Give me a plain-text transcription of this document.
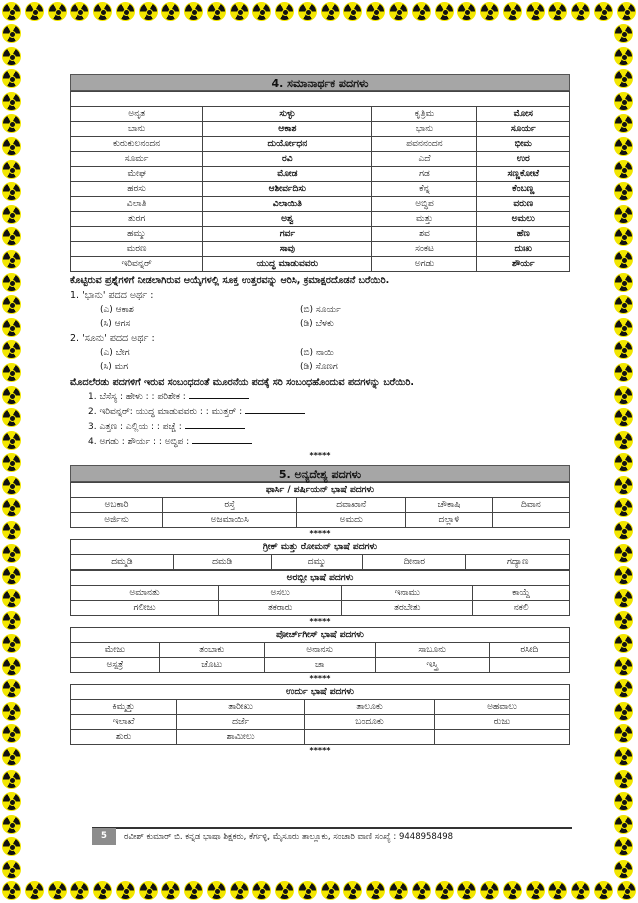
4. ಸಮಾನಾರ್ಥಕ ಪದಗಳು

ಅನೃತ	ಸುಳ್ಳು	ಕೃತ್ರಿಮ	ಮೋಸ
ಬಾನು	ಆಕಾಶ	ಭಾನು	ಸೂರ್ಯ
ಕುರುಕುಲನಂದನ	ದುರ್ಯೋಧನ	ಪವನನಂದನ	ಭೀಮ
ಸೂರ್ಮ	ರವಿ	ಎದೆ	ಉರ
ಮೇಘ	ಮೋಡ	ಗಡ	ಸಣ್ಣಕೋಟೆ
ಹರಸು	ಆಶೀರ್ವದಿಸು	ಕೆನ್ನ	ಕೆಂಬಣ್ಣ
ವಿಲಾತಿ	ವಿಲಾಯಿತಿ	ಅಬ್ಧಿಪ	ವರುಣ
ತುರಗ	ಅಶ್ವ	ಮತ್ತು	ಅಮಲು
ಹಮ್ಮು	ಗರ್ವ	ಶವ	ಹೆಣ
ಮರಣ	ಸಾವು	ಸಂಕಟ	ದುಃಖ
ಇರಿವನ್ನರ್	ಯುದ್ಧ ಮಾಡುವವರು	ಅಗಡು	ಶೌರ್ಯ
ಕೊಟ್ಟಿರುವ ಪ್ರಶ್ನೆಗಳಿಗೆ ನೀಡಲಾಗಿರುವ ಆಯ್ಕೆಗಳಲ್ಲಿ ಸೂಕ್ತ ಉತ್ತರವನ್ನು ಆರಿಸಿ, ಕ್ರಮಾಕ್ಷರದೊಡನೆ ಬರೆಯಿರಿ.
1. 'ಭಾನು' ಪದದ ಅರ್ಥ :
(ಎ) ಆಕಾಶ	(ಬಿ) ಸೂರ್ಯ
(ಸಿ) ಆಗಸ	(ಡಿ) ಬೆಳಕು
2. 'ಸೂನು' ಪದದ ಅರ್ಥ :
(ಎ) ಬೇಗ	(ಬಿ) ನಾಯಿ
(ಸಿ) ಮಗ	(ಡಿ) ಸೊಣಗ
ಮೊದಲೆರಡು ಪದಗಳಿಗೆ ಇರುವ ಸಂಬಂಧದಂತೆ ಮೂರನೆಯ ಪದಕ್ಕೆ ಸರಿ ಸಂಬಂಧಹೊಂದುವ ಪದಗಳನ್ನು ಬರೆಯಿರಿ.
1. ಬೆಸೆಸ್ಯ : ಹೇಳು : : ಪರಿಶೇಕ :
2. ಇರಿವನ್ನರ್: ಯುದ್ಧ ಮಾಡುವವರು : : ಮುತ್ತರ್ :
3. ಎತ್ತಣ : ಎಲ್ಲಿಯ : : ಪಚ್ಚೆ :
4. ಅಗಡು : ಶೌರ್ಯ : : ಅಬ್ಧಿಪ :
*****
5. ಅನ್ಯದೇಶ್ಯ ಪದಗಳು
ಫಾರ್ಸಿ / ಪರ್ಷಿಯನ್ ಭಾಷೆ ಪದಗಳು
ಅಬಕಾರಿ	ರಸ್ತೆ	ದವಾಖಾನೆ	ಚೌಕಾಷಿ	ದಿವಾನ
ಅರ್ಜಿನು	ಅಜಮಾಯಿಸಿ	ಅಮದು	ದಲ್ಲಾಳಿ	
*****
ಗ್ರೀಕ್ ಮತ್ತು ರೋಮನ್ ಭಾಷೆ ಪದಗಳು
ದಮ್ಮಡಿ	ದಮಡಿ	ದಮ್ಮು	ದೀನಾರ	ಗದ್ಯಾಣ
ಅರಬ್ಬೀ ಭಾಷೆ ಪದಗಳು
ಅಮಾನತು	ಅಸಲು	ಇನಾಮು	ಕಾಯ್ದೆ
ಗಲೀಜು	ತಕರಾರು	ತರಬೇತು	ನಕಲಿ
*****
ಪೋರ್ಚ್‌ಗೀಸ್ ಭಾಷೆ ಪದಗಳು
ಮೇಜು	ತಂಬಾಕು	ಅನಾನಸು	ಸಾಬೂನು	ರಸೀದಿ
ಅಸ್ಪತ್ರೆ	ಚೊಟು	ಚಾ	ಇಸ್ತ್ರಿ	
*****
ಉರ್ದು ಭಾಷೆ ಪದಗಳು
ಕಿಮ್ಮತ್ತು	ತಾರೀಖು	ತಾಲೂಕು	ಅಹವಾಲು
ಇಲಾಖೆ	ದರ್ಜೆ	ಬಂದೂಕು	ರುಜು
ಶುರು	ಶಾಮೀಲು		
*****
5	ರವೀಶ್ ಕುಮಾರ್ ಬಿ. ಕನ್ನಡ ಭಾಷಾ ಶಿಕ್ಷಕರು, ಕೆರ್ಗಳ್ಳಿ, ಮೈಸೂರು ತಾಲ್ಲೂಕು, ಸಂಚಾರಿ ವಾಣಿ ಸಂಖ್ಯೆ : 9448958498
